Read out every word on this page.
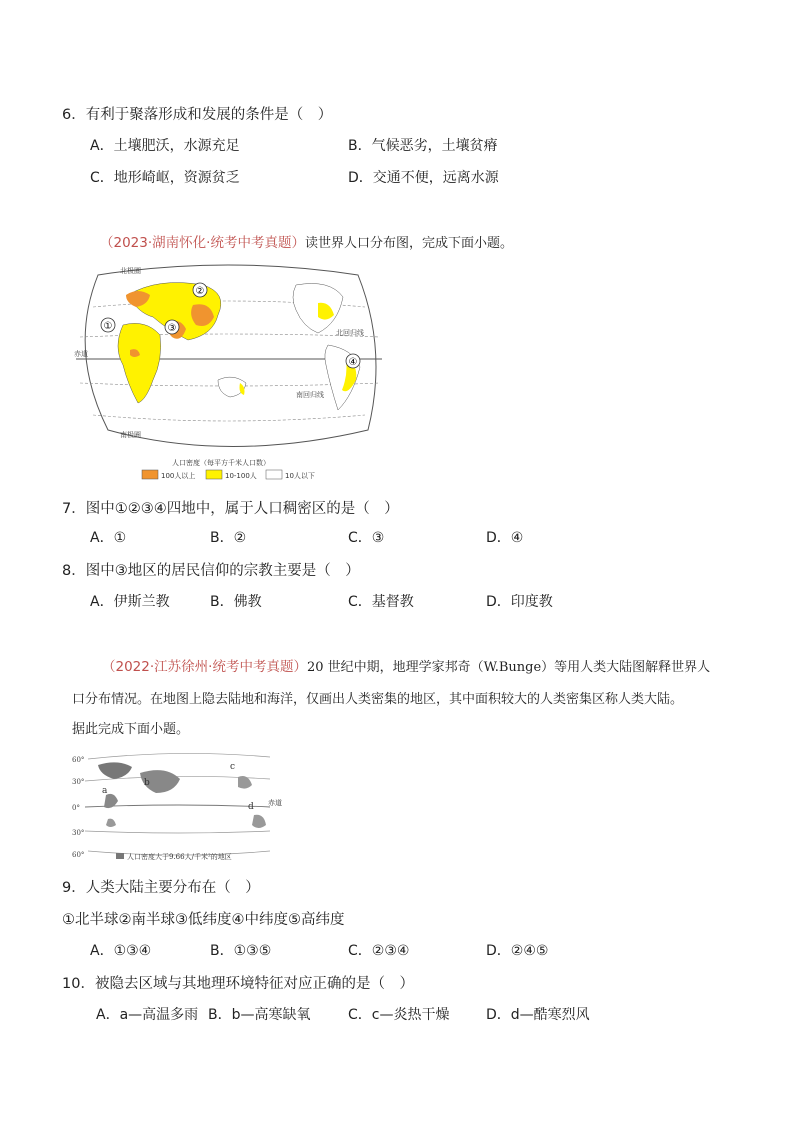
6．有利于聚落形成和发展的条件是（　）
A．土壤肥沃，水源充足	B．气候恶劣，土壤贫瘠
C．地形崎岖，资源贫乏	D．交通不便，远离水源
（2023·湖南怀化·统考中考真题）读世界人口分布图，完成下面小题。
①
②
③
④
北极圈
北回归线
赤道
南回归线
南极圈
人口密度（每平方千米人口数）
100人以上	10-100人	10人以下
7．图中①②③④四地中，属于人口稠密区的是（　）
A．①	B．②	C．③	D．④
8．图中③地区的居民信仰的宗教主要是（　）
A．伊斯兰教	B．佛教	C．基督教	D．印度教
（2022·江苏徐州·统考中考真题）20 世纪中期，地理学家邦奇（W.Bunge）等用人类大陆图解释世界人
口分布情况。在地图上隐去陆地和海洋，仅画出人类密集的地区，其中面积较大的人类密集区称人类大陆。
据此完成下面小题。
60°
30°
0°
30°
60°
a
b
c
d 赤道
人口密度大于9.66人/千米²的地区
9．人类大陆主要分布在（　）
①北半球②南半球③低纬度④中纬度⑤高纬度
A．①③④	B．①③⑤	C．②③④	D．②④⑤
10．被隐去区域与其地理环境特征对应正确的是（　）
A．a—高温多雨 B．b—高寒缺氧	C．c—炎热干燥	D．d—酷寒烈风
